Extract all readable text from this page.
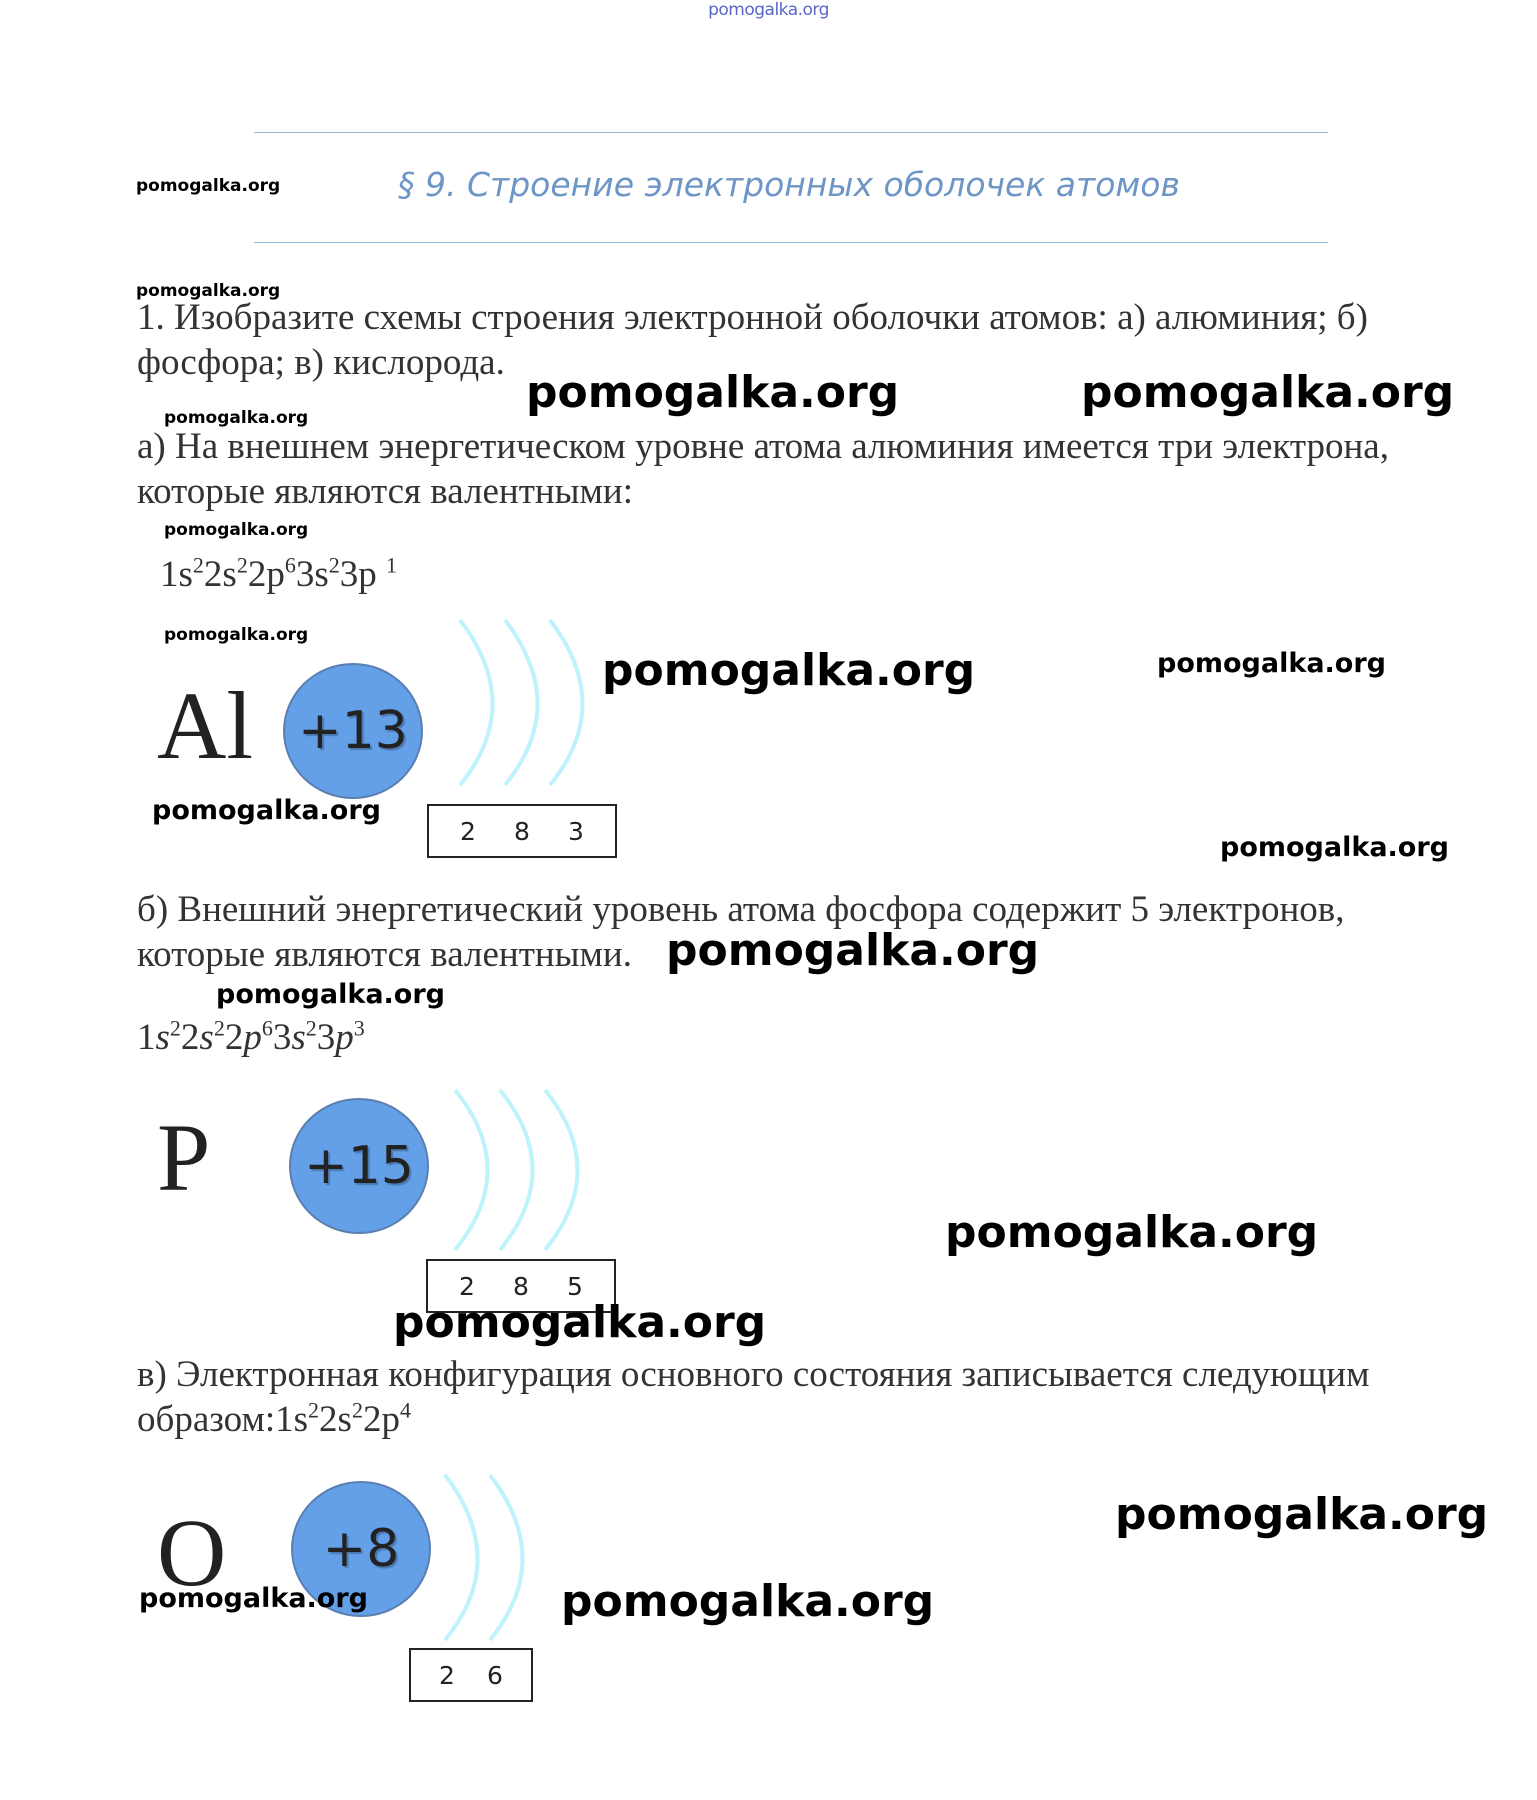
pomogalka.org
pomogalka.org	§ 9. Строение электронных оболочек атомов
pomogalka.org
1. Изобразите схемы строения электронной оболочки атомов: а) алюминия; б)
фосфора; в) кислорода.
pomogalka.org	pomogalka.org
pomogalka.org
а) На внешнем энергетическом уровне атома алюминия имеется три электрона,
которые являются валентными:
pomogalka.org
$1s^22s^22p^63s^23p$ $^1$
pomogalka.org
Al +13
pomogalka.org	pomogalka.org
pomogalka.org
2 8 3
pomogalka.org
б) Внешний энергетический уровень атома фосфора содержит 5 электронов,
которые являются валентными. pomogalka.org
pomogalka.org
$1s^22s^22p^63s^23p^3$
P +15
pomogalka.org
2 8 5
pomogalka.org
в) Электронная конфигурация основного состояния записывается следующим
$образом:1s^22s^22p^4$
pomogalka.org
O	+8
pomogalka.org	pomogalka.org
2 6
